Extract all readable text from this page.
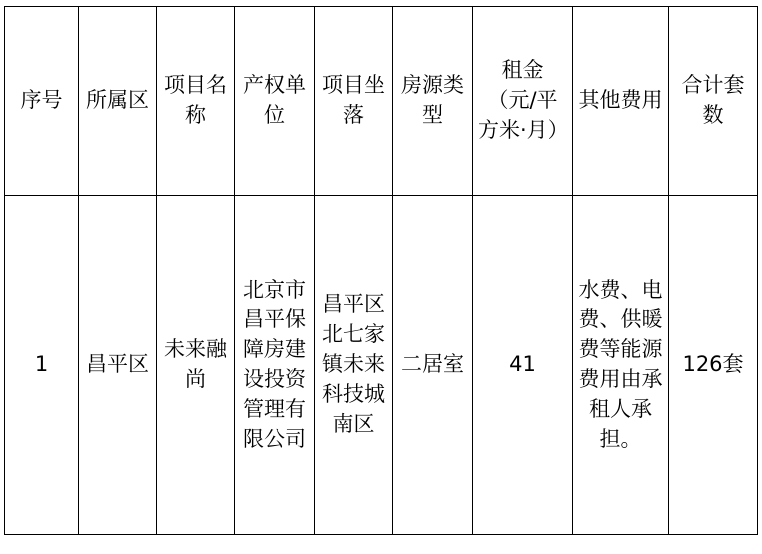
序号	所属区	项目名称	产权单位	项目坐落	房源类型	租金（元/平方米·月）	其他费用	合计套数

1	昌平区	未来融尚	北京市昌平保障房建设投资管理有限公司	昌平区北七家镇未来科技城南区	二居室	41	水费、电费、供暖费等能源费用由承租人承担。	126套
